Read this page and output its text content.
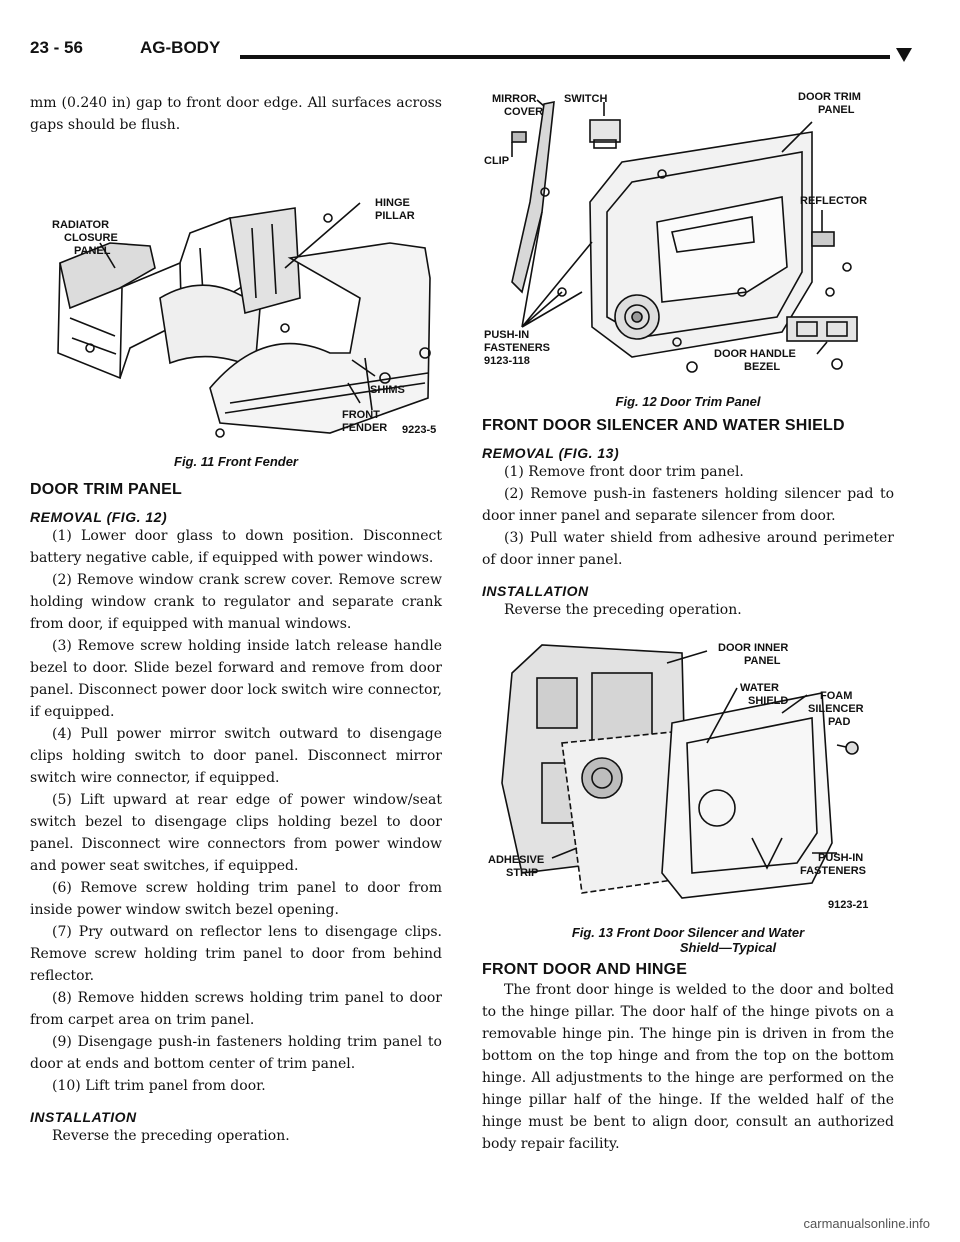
23 - 56	AG-BODY

mm (0.240 in) gap to front door edge. All surfaces across gaps should be flush.

RADIATOR CLOSURE PANEL
HINGE PILLAR
SHIMS
FRONT FENDER 9223-5
Fig. 11 Front Fender
DOOR TRIM PANEL
REMOVAL (FIG. 12)

(1) Lower door glass to down position. Disconnect battery negative cable, if equipped with power windows.

(2) Remove window crank screw cover. Remove screw holding window crank to regulator and separate crank from door, if equipped with manual windows.

(3) Remove screw holding inside latch release handle bezel to door. Slide bezel forward and remove from door panel. Disconnect power door lock switch wire connector, if equipped.

(4) Pull power mirror switch outward to disengage clips holding switch to door panel. Disconnect mirror switch wire connector, if equipped.

(5) Lift upward at rear edge of power window/seat switch bezel to disengage clips holding bezel to door panel. Disconnect wire connectors from power window and power seat switches, if equipped.

(6) Remove screw holding trim panel to door from inside power window switch bezel opening.

(7) Pry outward on reflector lens to disengage clips. Remove screw holding trim panel to door from behind reflector.

(8) Remove hidden screws holding trim panel to door from carpet area on trim panel.

(9) Disengage push-in fasteners holding trim panel to door at ends and bottom center of trim panel.

(10) Lift trim panel from door.

INSTALLATION

Reverse the preceding operation.

MIRROR COVER
SWITCH	DOOR TRIM PANEL
CLIP
REFLECTOR
PUSH-IN FASTENERS 9123-118
DOOR HANDLE BEZEL
Fig. 12 Door Trim Panel
FRONT DOOR SILENCER AND WATER SHIELD
REMOVAL (FIG. 13)

(1) Remove front door trim panel.

(2) Remove push-in fasteners holding silencer pad to door inner panel and separate silencer from door.

(3) Pull water shield from adhesive around perimeter of door inner panel.

INSTALLATION

Reverse the preceding operation.

DOOR INNER PANEL
WATER SHIELD	FOAM SILENCER PAD
ADHESIVE STRIP
PUSH-IN FASTENERS
9123-21
Fig. 13 Front Door Silencer and Water
Shield—Typical
FRONT DOOR AND HINGE

The front door hinge is welded to the door and bolted to the hinge pillar. The door half of the hinge pivots on a removable hinge pin. The hinge pin is driven in from the bottom on the top hinge and from the top on the bottom hinge. All adjustments to the hinge are performed on the hinge pillar half of the hinge. If the welded half of the hinge must be bent to align door, consult an authorized body repair facility.

carmanualsonline.info
